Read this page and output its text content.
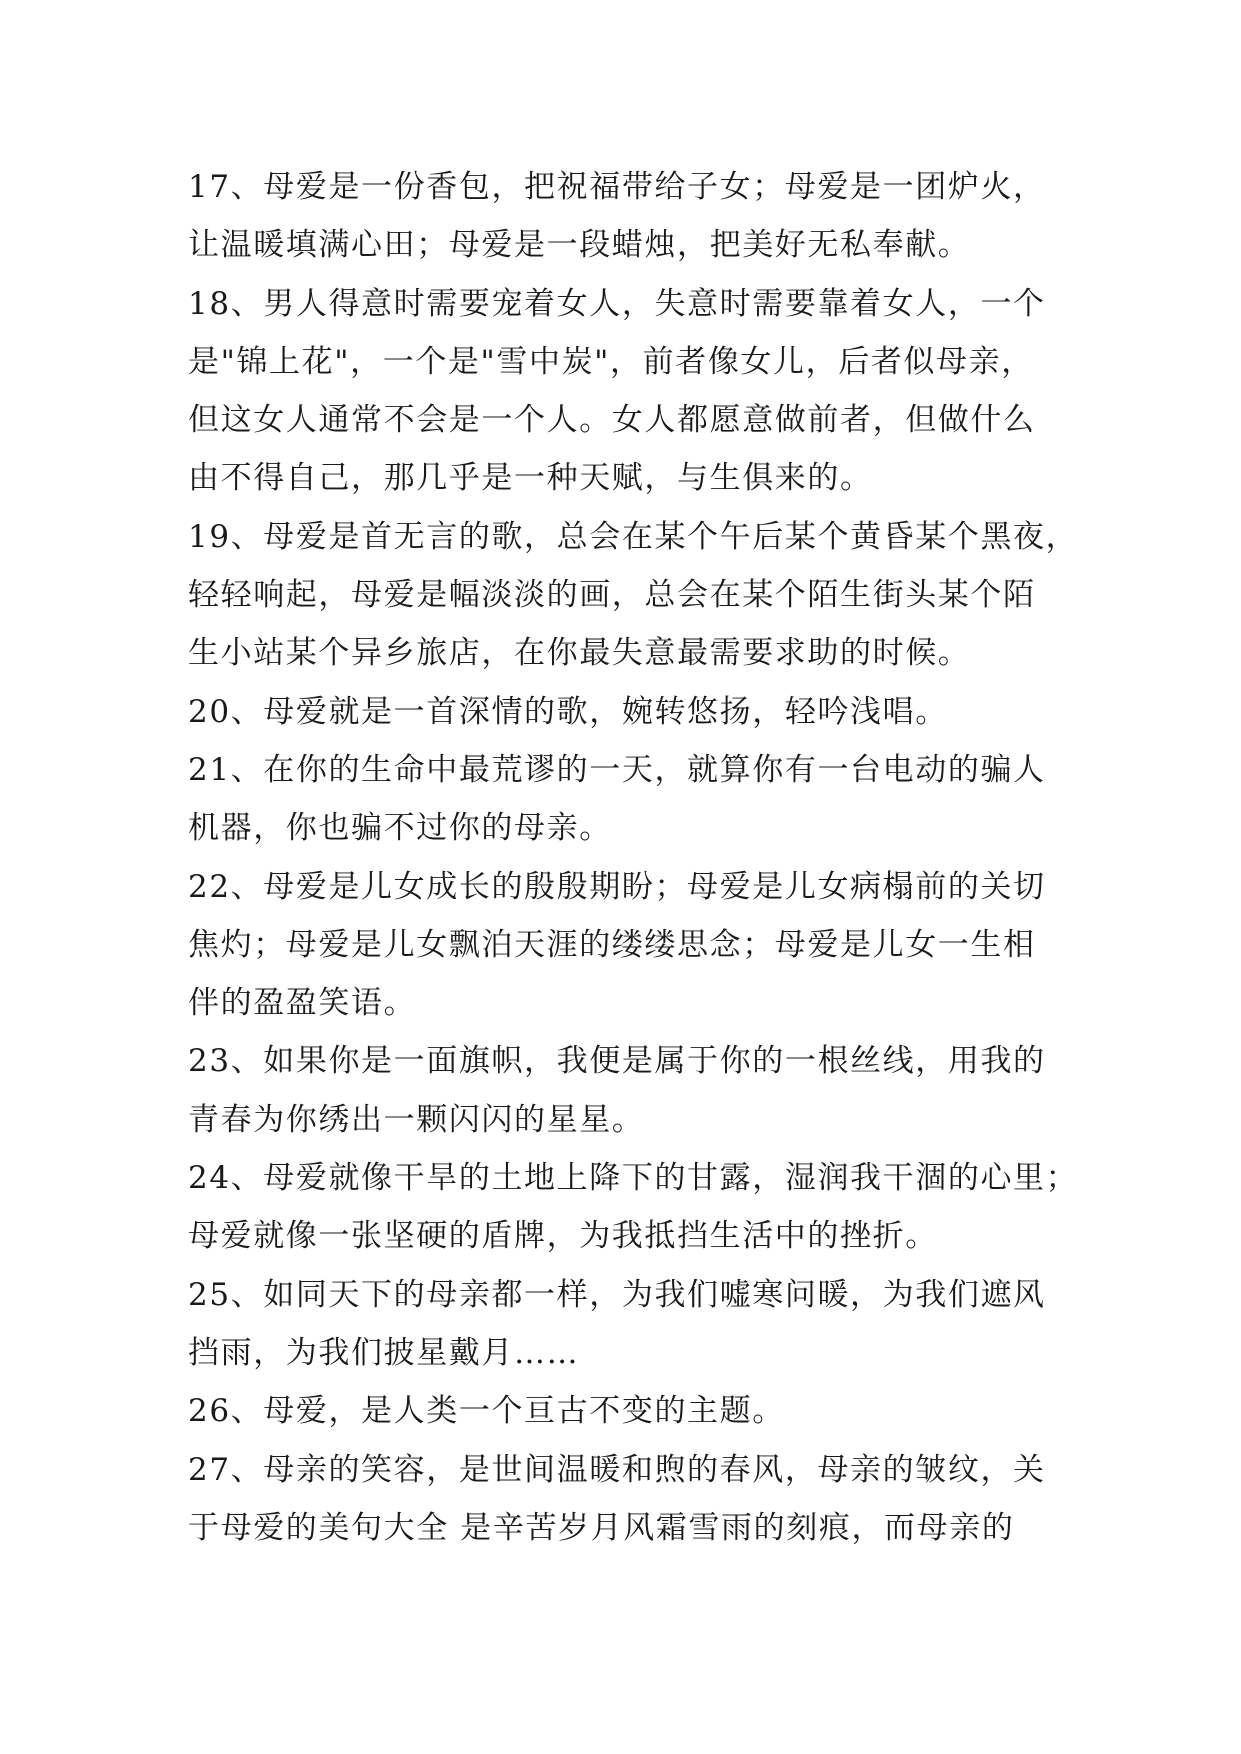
17、母爱是一份香包，把祝福带给子女；母爱是一团炉火，
让温暖填满心田；母爱是一段蜡烛，把美好无私奉献。
18、男人得意时需要宠着女人，失意时需要靠着女人，一个
是"锦上花"，一个是"雪中炭"，前者像女儿，后者似母亲，
但这女人通常不会是一个人。女人都愿意做前者，但做什么
由不得自己，那几乎是一种天赋，与生俱来的。
19、母爱是首无言的歌，总会在某个午后某个黄昏某个黑夜，
轻轻响起，母爱是幅淡淡的画，总会在某个陌生街头某个陌
生小站某个异乡旅店，在你最失意最需要求助的时候。
20、母爱就是一首深情的歌，婉转悠扬，轻吟浅唱。
21、在你的生命中最荒谬的一天，就算你有一台电动的骗人
机器，你也骗不过你的母亲。
22、母爱是儿女成长的殷殷期盼；母爱是儿女病榻前的关切
焦灼；母爱是儿女飘泊天涯的缕缕思念；母爱是儿女一生相
伴的盈盈笑语。
23、如果你是一面旗帜，我便是属于你的一根丝线，用我的
青春为你绣出一颗闪闪的星星。
24、母爱就像干旱的土地上降下的甘露，湿润我干涸的心里；
母爱就像一张坚硬的盾牌，为我抵挡生活中的挫折。
25、如同天下的母亲都一样，为我们嘘寒问暖，为我们遮风
挡雨，为我们披星戴月……
26、母爱，是人类一个亘古不变的主题。
27、母亲的笑容，是世间温暖和煦的春风，母亲的皱纹，关
于母爱的美句大全 是辛苦岁月风霜雪雨的刻痕，而母亲的
